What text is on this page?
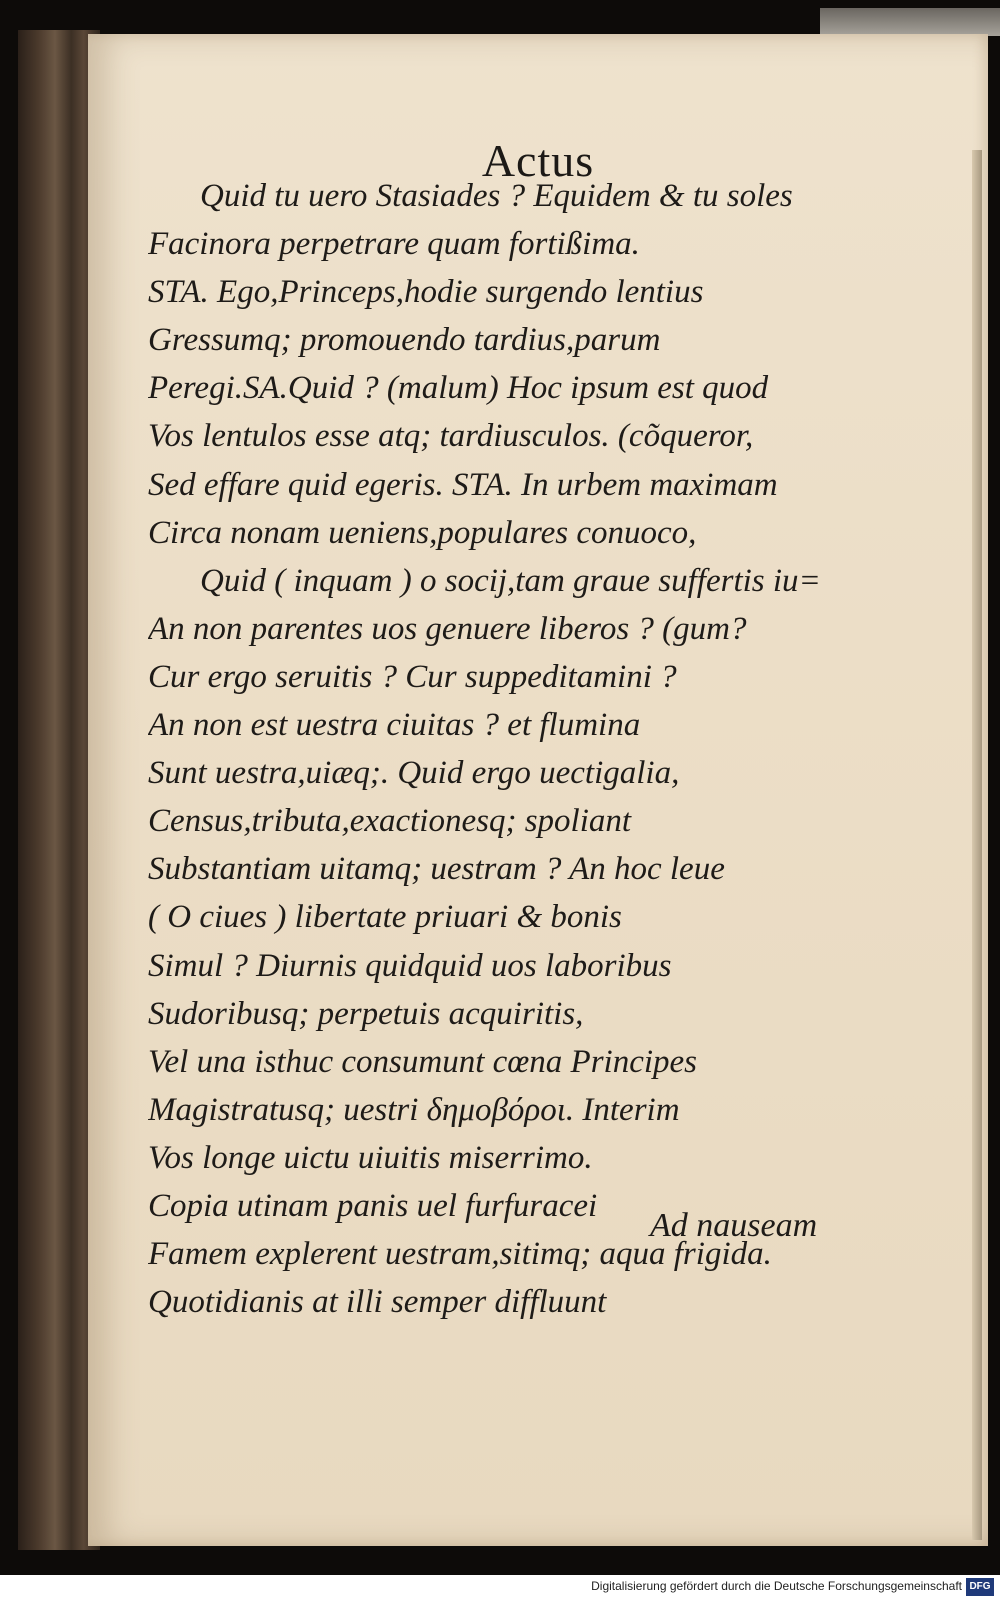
Actus
Quid tu uero Stasiades ? Equidem & tu soles
Facinora perpetrare quam fortißima.
STA. Ego,Princeps,hodie surgendo lentius
Gressumq; promouendo tardius,parum
Peregi.SA.Quid ? (malum) Hoc ipsum est quod
Vos lentulos esse atq; tardiusculos. (cõqueror,
Sed effare quid egeris. STA. In urbem maximam
Circa nonam ueniens,populares conuoco,
Quid ( inquam ) o socij,tam graue suffertis iu=
An non parentes uos genuere liberos ? (gum?
Cur ergo seruitis ? Cur suppeditamini ?
An non est uestra ciuitas ? et flumina
Sunt uestra,uiæq;. Quid ergo uectigalia,
Census,tributa,exactionesq; spoliant
Substantiam uitamq; uestram ? An hoc leue
( O ciues ) libertate priuari & bonis
Simul ? Diurnis quidquid uos laboribus
Sudoribusq; perpetuis acquiritis,
Vel una isthuc consumunt cœna Principes
Magistratusq; uestri δημοβόροι. Interim
Vos longe uictu uiuitis miserrimo.
Copia utinam panis uel furfuracei
Famem explerent uestram,sitimq; aqua frigida.
Quotidianis at illi semper diffluunt
Ad nauseam
Digitalisierung gefördert durch die Deutsche Forschungsgemeinschaft DFG
